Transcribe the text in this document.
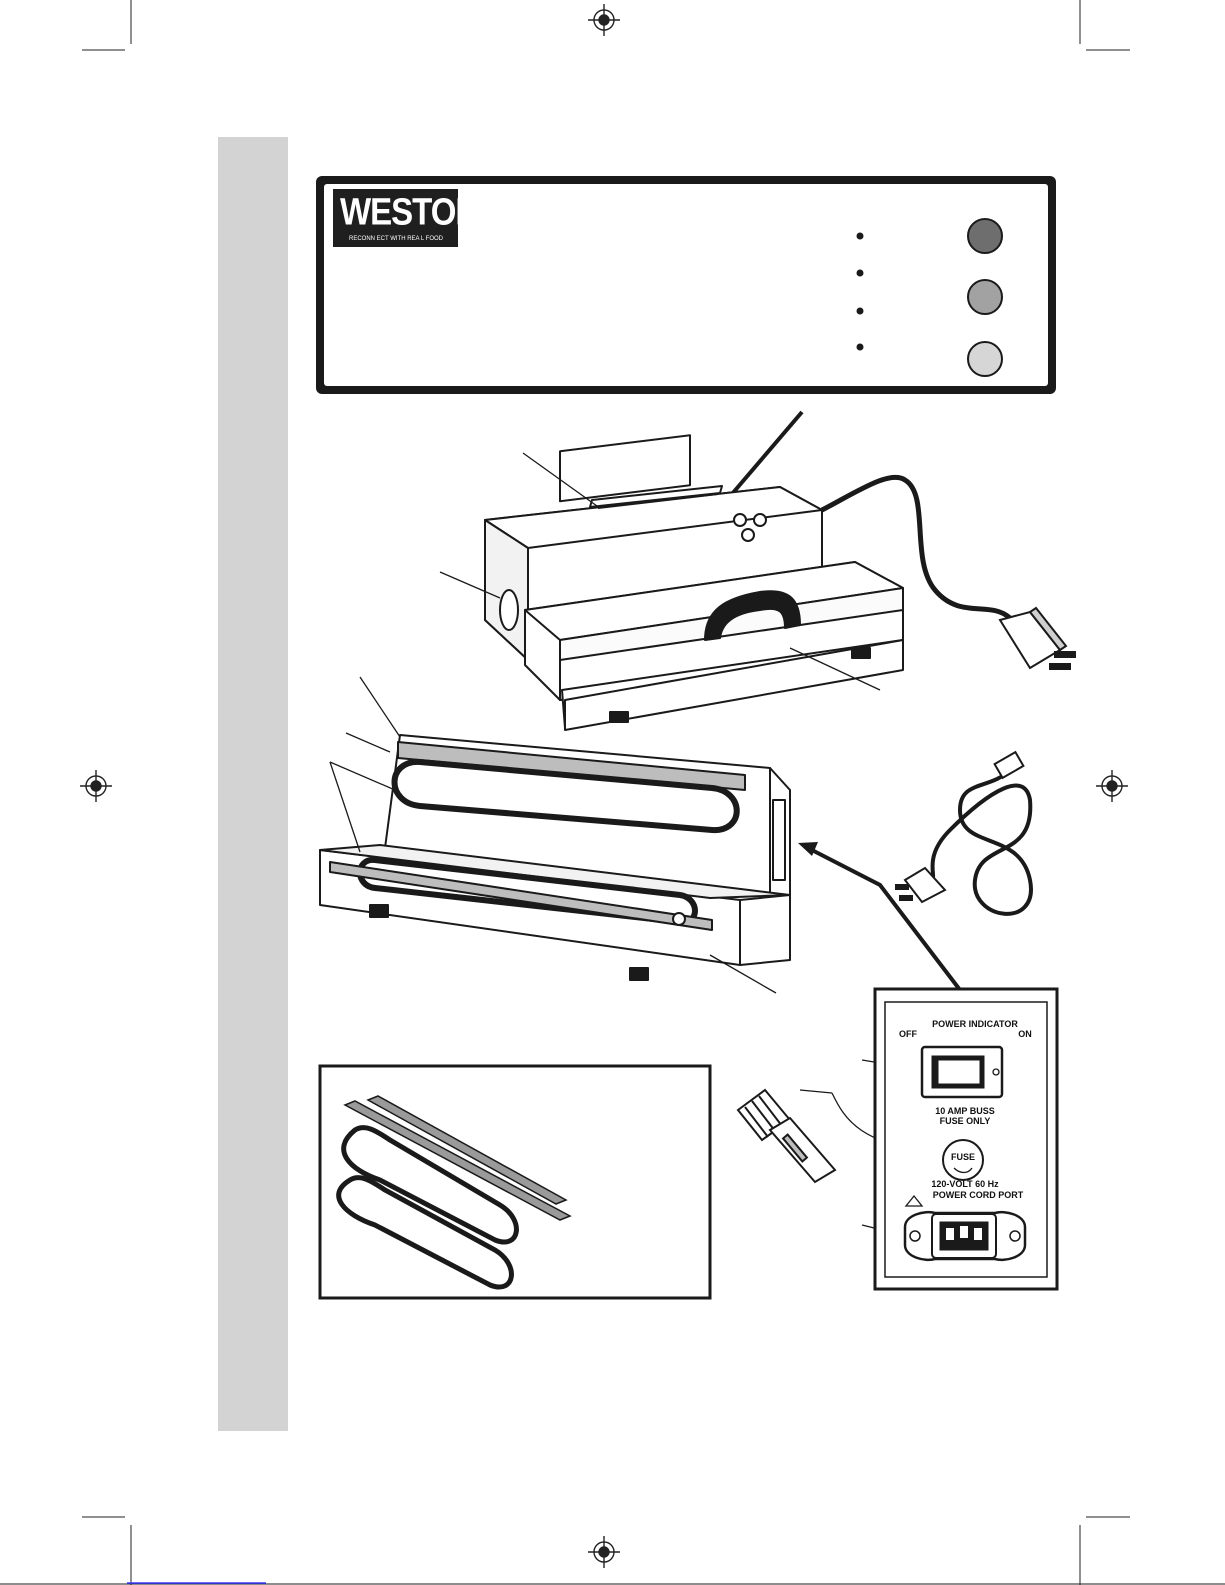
WESTON
RECONN ECT WITH REA L FOOD
POWER INDICATOR
OFF	ON
10 AMP BUSS
FUSE ONLY
FUSE
120-VOLT 60 Hz
POWER CORD PORT
